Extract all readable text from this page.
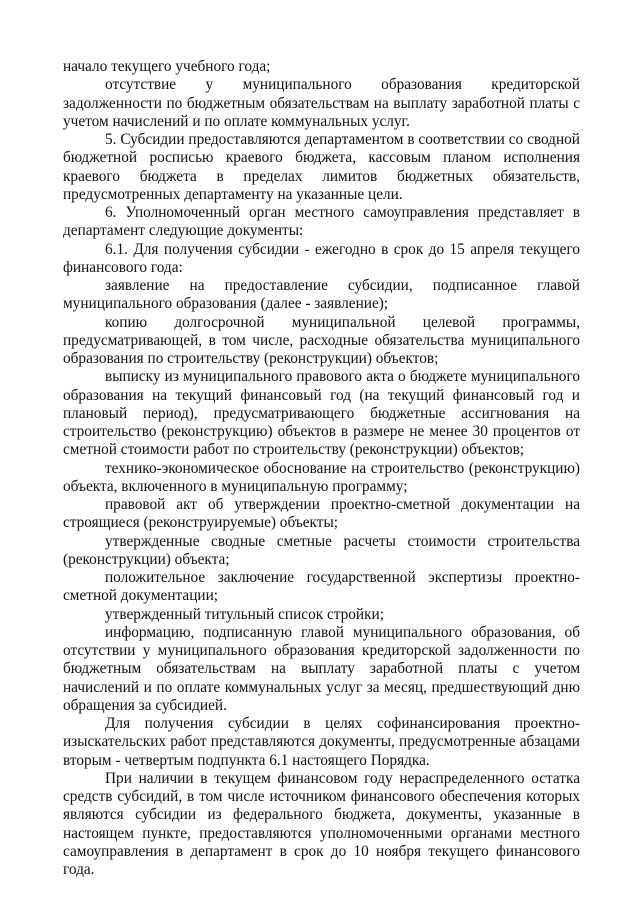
начало текущего учебного года;

отсутствие у муниципального образования кредиторской задолженности по бюджетным обязательствам на выплату заработной платы с учетом начислений и по оплате коммунальных услуг.

5. Субсидии предоставляются департаментом в соответствии со сводной бюджетной росписью краевого бюджета, кассовым планом исполнения краевого бюджета в пределах лимитов бюджетных обязательств, предусмотренных департаменту на указанные цели.

6. Уполномоченный орган местного самоуправления представляет в департамент следующие документы:

6.1. Для получения субсидии - ежегодно в срок до 15 апреля текущего финансового года:

заявление на предоставление субсидии, подписанное главой муниципального образования (далее - заявление);

копию долгосрочной муниципальной целевой программы, предусматривающей, в том числе, расходные обязательства муниципального образования по строительству (реконструкции) объектов;

выписку из муниципального правового акта о бюджете муниципального образования на текущий финансовый год (на текущий финансовый год и плановый период), предусматривающего бюджетные ассигнования на строительство (реконструкцию) объектов в размере не менее 30 процентов от сметной стоимости работ по строительству (реконструкции) объектов;

технико-экономическое обоснование на строительство (реконструкцию) объекта, включенного в муниципальную программу;

правовой акт об утверждении проектно-сметной документации на строящиеся (реконструируемые) объекты;

утвержденные сводные сметные расчеты стоимости строительства (реконструкции) объекта;

положительное заключение государственной экспертизы проектно-сметной документации;

утвержденный титульный список стройки;

информацию, подписанную главой муниципального образования, об отсутствии у муниципального образования кредиторской задолженности по бюджетным обязательствам на выплату заработной платы с учетом начислений и по оплате коммунальных услуг за месяц, предшествующий дню обращения за субсидией.

Для получения субсидии в целях софинансирования проектно-изыскательских работ представляются документы, предусмотренные абзацами вторым - четвертым подпункта 6.1 настоящего Порядка.

При наличии в текущем финансовом году нераспределенного остатка средств субсидий, в том числе источником финансового обеспечения которых являются субсидии из федерального бюджета, документы, указанные в настоящем пункте, предоставляются уполномоченными органами местного самоуправления в департамент в срок до 10 ноября текущего финансового года.
